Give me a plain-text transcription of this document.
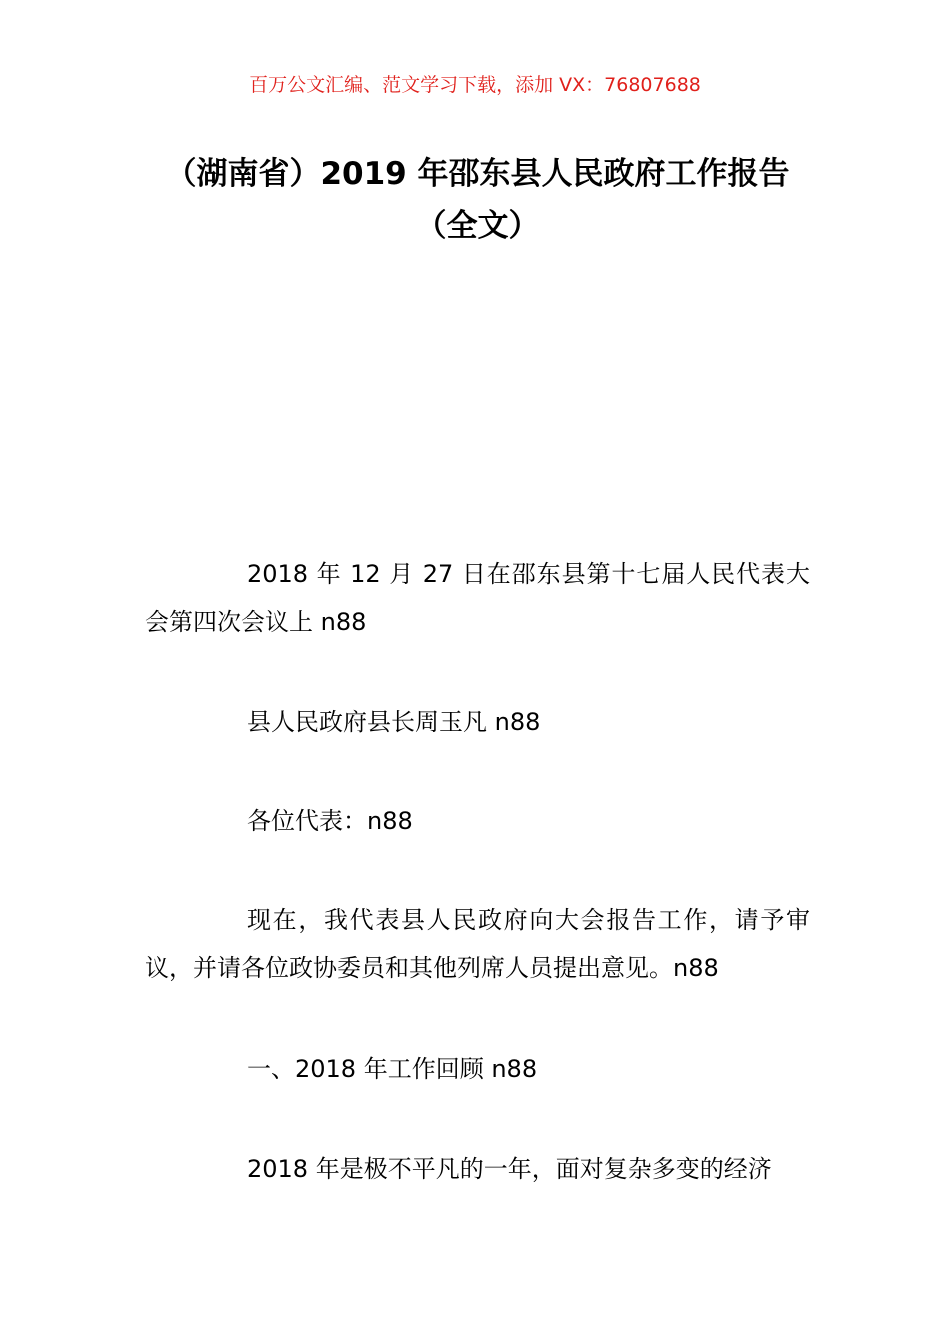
百万公文汇编、范文学习下载，添加 VX：76807688
（湖南省）2019 年邵东县人民政府工作报告（全文）

2018 年 12 月 27 日在邵东县第十七届人民代表大会第四次会议上 n88

县人民政府县长周玉凡 n88

各位代表：n88

现在，我代表县人民政府向大会报告工作，请予审议，并请各位政协委员和其他列席人员提出意见。n88

一、2018 年工作回顾 n88

2018 年是极不平凡的一年，面对复杂多变的经济
